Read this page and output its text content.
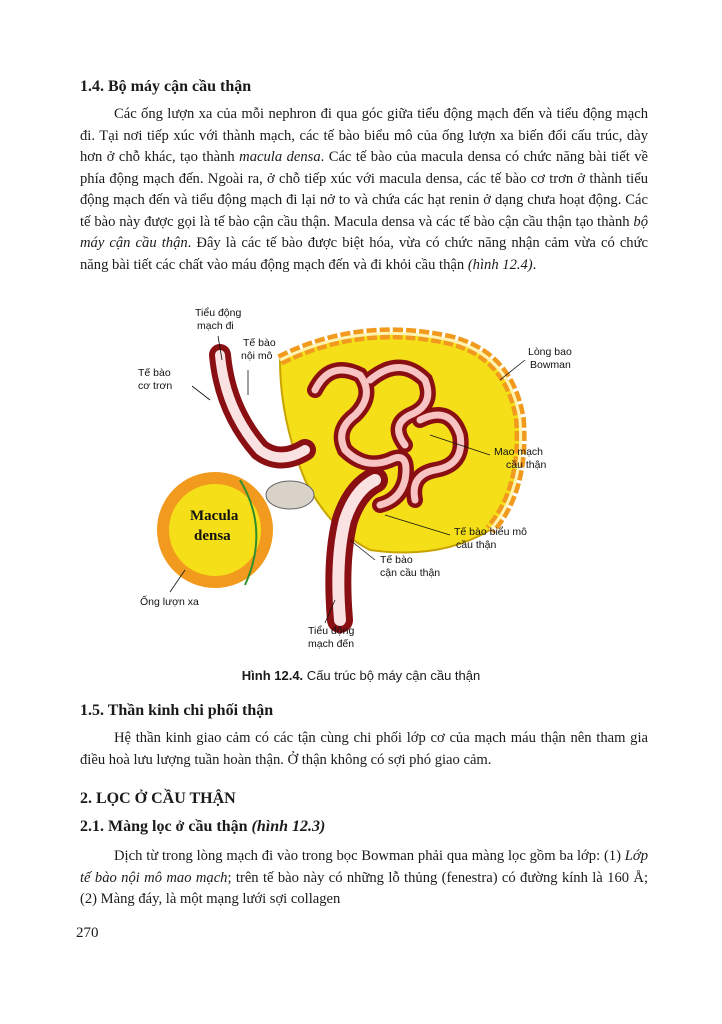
1.4. Bộ máy cận cầu thận

Các ống lượn xa của mỗi nephron đi qua góc giữa tiểu động mạch đến và tiểu động mạch đi. Tại nơi tiếp xúc với thành mạch, các tế bào biểu mô của ống lượn xa biến đổi cấu trúc, dày hơn ở chỗ khác, tạo thành macula densa. Các tế bào của macula densa có chức năng bài tiết về phía động mạch đến. Ngoài ra, ở chỗ tiếp xúc với macula densa, các tế bào cơ trơn ở thành tiểu động mạch đến và tiểu động mạch đi lại nở to và chứa các hạt renin ở dạng chưa hoạt động. Các tế bào này được gọi là tế bào cận cầu thận. Macula densa và các tế bào cận cầu thận tạo thành bộ máy cận cầu thận. Đây là các tế bào được biệt hóa, vừa có chức năng nhận cảm vừa có chức năng bài tiết các chất vào máu động mạch đến và đi khỏi cầu thận (hình 12.4).

Macula
densa
Tiểu động
mạch đi
Tế bào
nội mô
Tế bào
cơ trơn
Lòng bao
Bowman
Mao mạch
cầu thận
Tế bào biểu mô
cầu thận
Tế bào
cận cầu thận
Ống lượn xa
Tiểu động
mạch đến

Hình 12.4. Cấu trúc bộ máy cận cầu thận

1.5. Thần kinh chi phối thận

Hệ thần kinh giao cảm có các tận cùng chi phối lớp cơ của mạch máu thận nên tham gia điều hoà lưu lượng tuần hoàn thận. Ở thận không có sợi phó giao cảm.

2. LỌC Ở CẦU THẬN
2.1. Màng lọc ở cầu thận (hình 12.3)

Dịch từ trong lòng mạch đi vào trong bọc Bowman phải qua màng lọc gồm ba lớp: (1) Lớp tế bào nội mô mao mạch; trên tế bào này có những lỗ thủng (fenestra) có đường kính là 160 Å; (2) Màng đáy, là một mạng lưới sợi collagen

270
